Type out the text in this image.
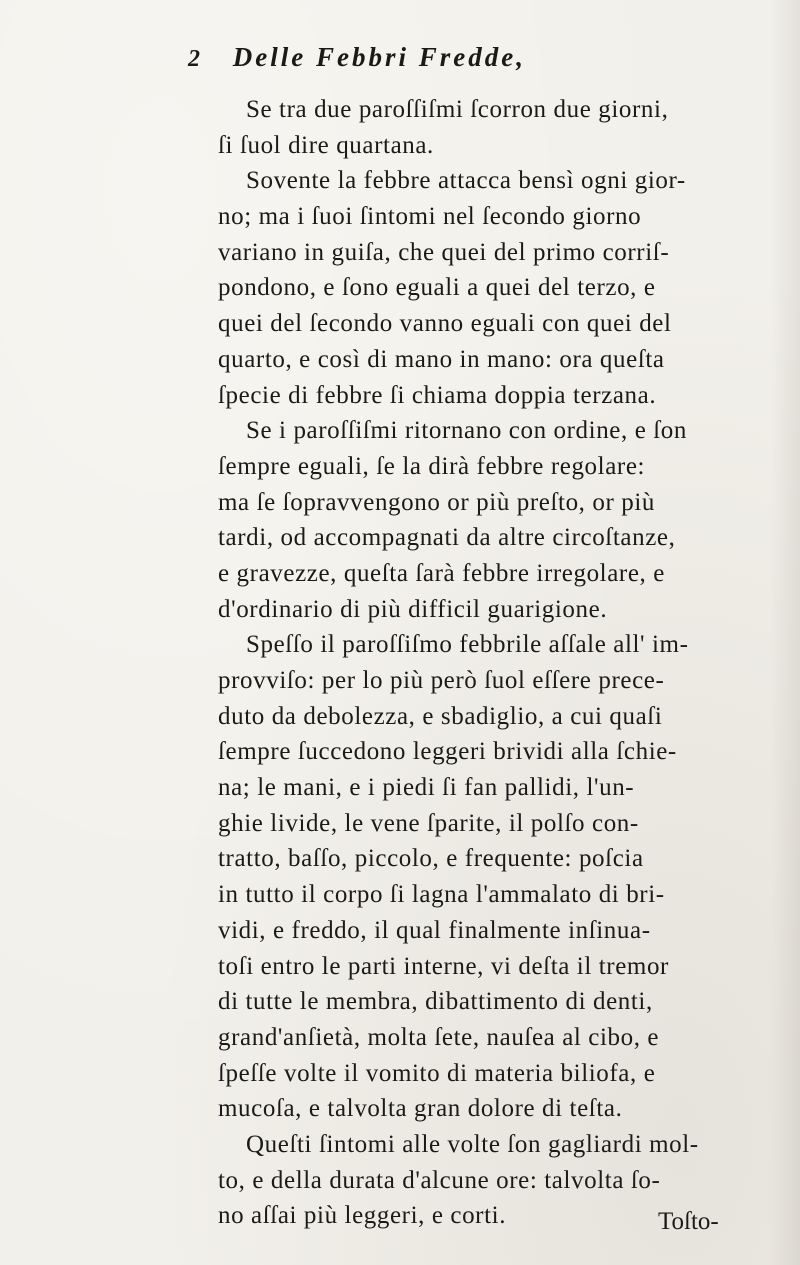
2 Delle Febbri Fredde,
Se tra due paroſſiſmi ſcorron due giorni,
ſi ſuol dire quartana.
Sovente la febbre attacca bensì ogni gior-
no; ma i ſuoi ſintomi nel ſecondo giorno
variano in guiſa, che quei del primo corriſ-
pondono, e ſono eguali a quei del terzo, e
quei del ſecondo vanno eguali con quei del
quarto, e così di mano in mano: ora queſta
ſpecie di febbre ſi chiama doppia terzana.
Se i paroſſiſmi ritornano con ordine, e ſon
ſempre eguali, ſe la dirà febbre regolare:
ma ſe ſopravvengono or più preſto, or più
tardi, od accompagnati da altre circoſtanze,
e gravezze, queſta ſarà febbre irregolare, e
d'ordinario di più difficil guarigione.
Speſſo il paroſſiſmo febbrile aſſale all' im-
provviſo: per lo più però ſuol eſſere prece-
duto da debolezza, e sbadiglio, a cui quaſi
ſempre ſuccedono leggeri brividi alla ſchie-
na; le mani, e i piedi ſi fan pallidi, l'un-
ghie livide, le vene ſparite, il polſo con-
tratto, baſſo, piccolo, e frequente: poſcia
in tutto il corpo ſi lagna l'ammalato di bri-
vidi, e freddo, il qual finalmente inſinua-
toſi entro le parti interne, vi deſta il tremor
di tutte le membra, dibattimento di denti,
grand'anſietà, molta ſete, nauſea al cibo, e
ſpeſſe volte il vomito di materia biliofa, e
mucoſa, e talvolta gran dolore di teſta.
Queſti ſintomi alle volte ſon gagliardi mol-
to, e della durata d'alcune ore: talvolta ſo-
no aſſai più leggeri, e corti.	Toſto-
